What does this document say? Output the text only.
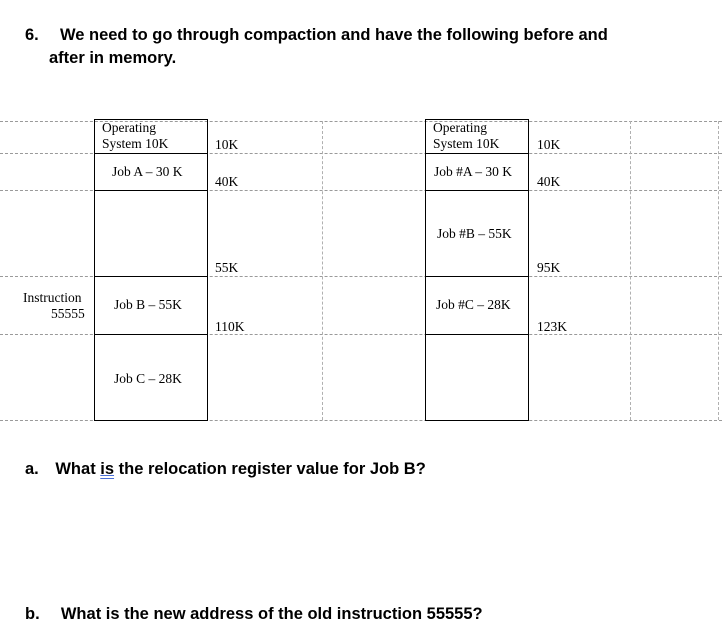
6. We need to go through compaction and have the following before and
after in memory.
Operating
System 10K
Job A – 30 K
Job B – 55K
Job C – 28K
10K
40K
55K
110K
Instruction
55555
Operating
System 10K
Job #A – 30 K
Job #B – 55K
Job #C – 28K
10K
40K
95K
123K
a. What is the relocation register value for Job B?
b. What is the new address of the old instruction 55555?
